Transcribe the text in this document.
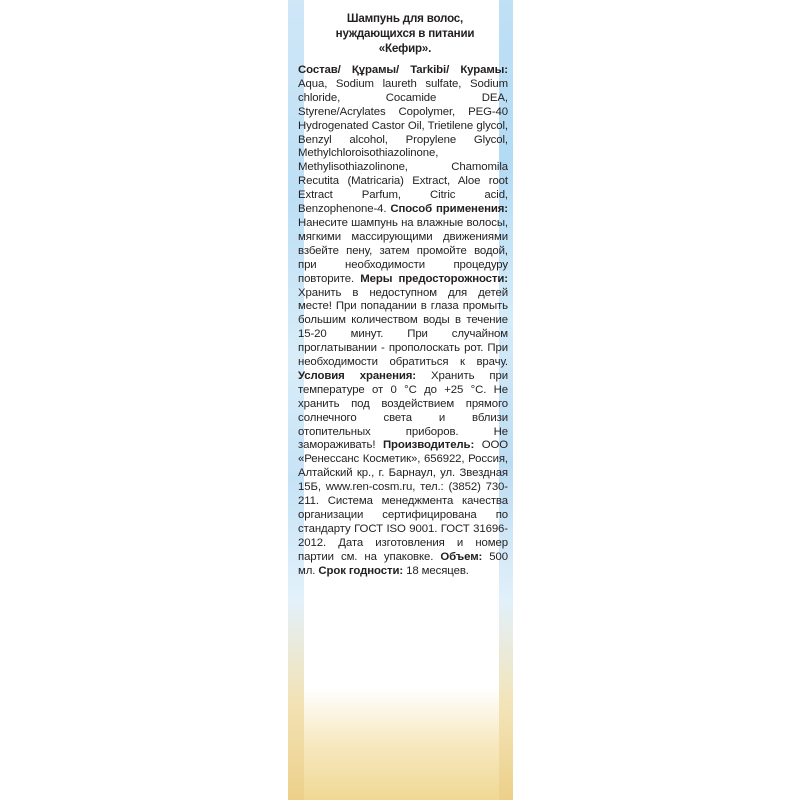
Шампунь для волос,
нуждающихся в питании
«Кефир».

Состав/ Құрамы/ Tarkibi/ Курамы: Aqua, Sodium laureth sulfate, Sodium chloride, Cocamide DEA, Styrene/Acrylates Copolymer, PEG-40 Hydrogenated Castor Oil, Trietilene glycol, Benzyl alcohol, Propylene Glycol, Methylchloroisothiazolinone, Methylisothiazolinone, Chamomila Recutita (Matricaria) Extract, Aloe root Extract Parfum, Citric acid, Benzophenone-4. Способ применения: Нанесите шампунь на влажные волосы, мягкими массирующими движениями взбейте пену, затем промойте водой, при необходимости процедуру повторите. Меры предосторожности: Хранить в недоступном для детей месте! При попадании в глаза промыть большим количеством воды в течение 15-20 минут. При случайном проглатывании - прополоскать рот. При необходимости обратиться к врачу. Условия хранения: Хранить при температуре от 0 °С до +25 °С. Не хранить под воздействием прямого солнечного света и вблизи отопительных приборов. Не замораживать! Производитель: ООО «Ренессанс Косметик», 656922, Россия, Алтайский кр., г. Барнаул, ул. Звездная 15Б, www.ren-cosm.ru, тел.: (3852) 730-211. Система менеджмента качества организации сертифицирована по стандарту ГОСТ ISO 9001. ГОСТ 31696-2012. Дата изготовления и номер партии см. на упаковке. Объем: 500 мл. Срок годности: 18 месяцев.
